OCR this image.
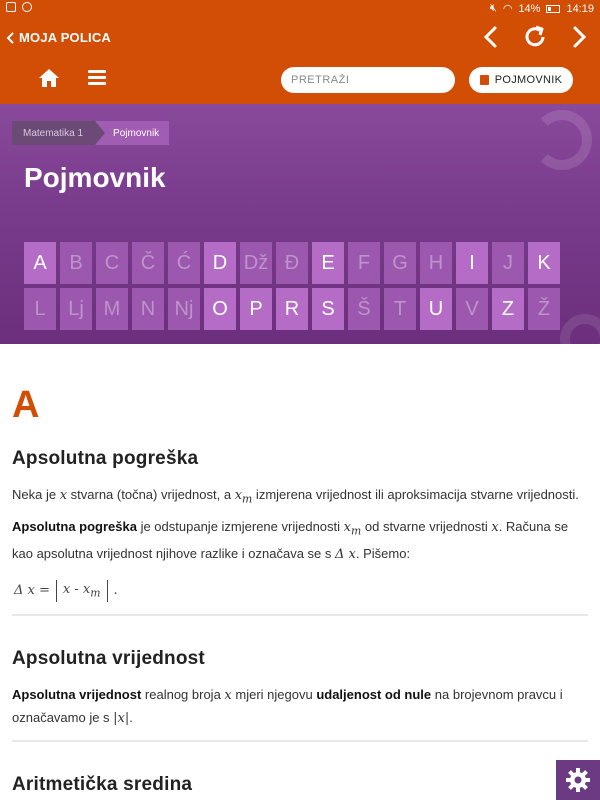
🔇︎ ◠ 14% 14:19
MOJA POLICA
PRETRAŽI
POJMOVNIK
Matematika 1	Pojmovnik
Pojmovnik
A	B	C	Č	Ć	D Dž Đ	E	F	G	H	I	J	K
L	Lj M	N Nj O	P	R	S	Š	T	U	V	Z	Ž
A
Apsolutna pogreška
Neka je x stvarna (točna) vrijednost, a $x_m$ izmjerena vrijednost ili aproksimacija stvarne vrijednosti.
Apsolutna pogreška je odstupanje izmjerene vrijednosti $x_m$ od stvarne vrijednosti x. Računa se kao apsolutna vrijednost njihove razlike i označava se s Δ x. Pišemo:
Δ x =	x - $x_m$	.
Apsolutna vrijednost
Apsolutna vrijednost realnog broja x mjeri njegovu udaljenost od nule na brojevnom pravcu i označavamo je s |x|.
Aritmetička sredina
